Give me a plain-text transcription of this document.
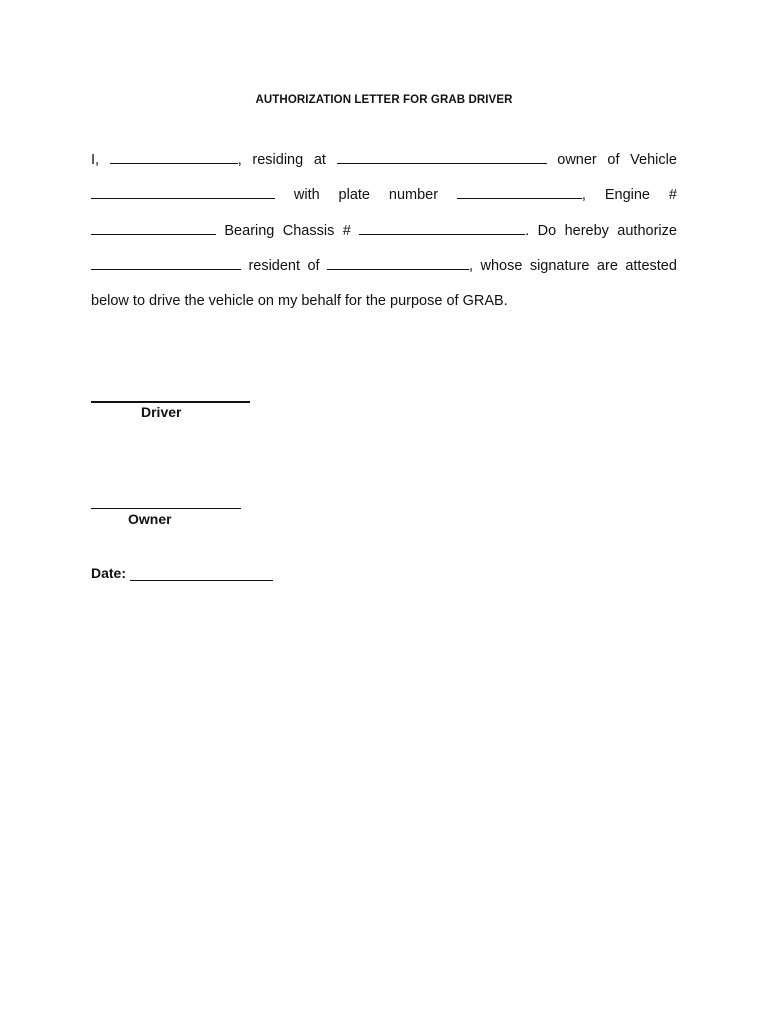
AUTHORIZATION LETTER FOR GRAB DRIVER
I,	, residing at	owner of Vehicle
with plate number	, Engine #
Bearing Chassis #	. Do hereby authorize
resident of	, whose signature are attested
below to drive the vehicle on my behalf for the purpose of GRAB.
Driver
Owner
Date:
